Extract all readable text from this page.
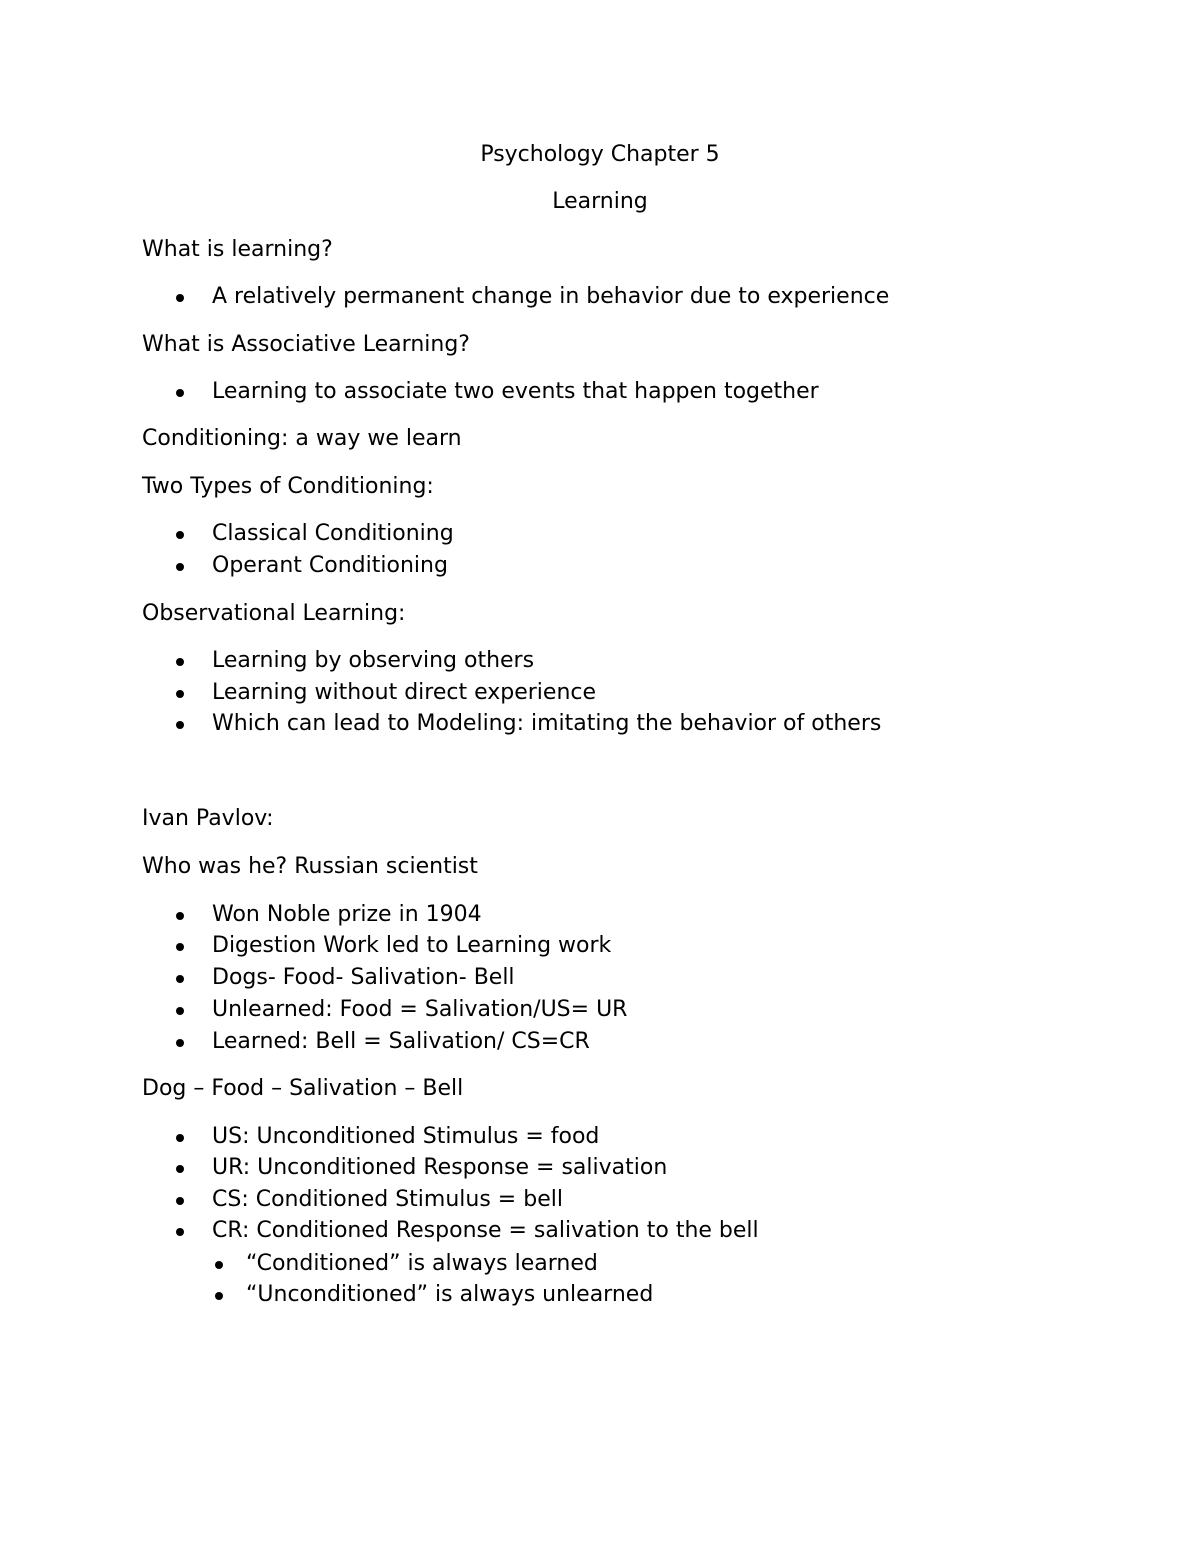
Psychology Chapter 5
Learning
What is learning?
A relatively permanent change in behavior due to experience
What is Associative Learning?
Learning to associate two events that happen together
Conditioning: a way we learn
Two Types of Conditioning:
Classical Conditioning
Operant Conditioning
Observational Learning:
Learning by observing others
Learning without direct experience
Which can lead to Modeling: imitating the behavior of others
Ivan Pavlov:
Who was he? Russian scientist
Won Noble prize in 1904
Digestion Work led to Learning work
Dogs- Food- Salivation- Bell
Unlearned: Food = Salivation/US= UR
Learned: Bell = Salivation/ CS=CR
Dog – Food – Salivation – Bell
US: Unconditioned Stimulus = food
UR: Unconditioned Response = salivation
CS: Conditioned Stimulus = bell
CR: Conditioned Response = salivation to the bell
“Conditioned” is always learned
“Unconditioned” is always unlearned
